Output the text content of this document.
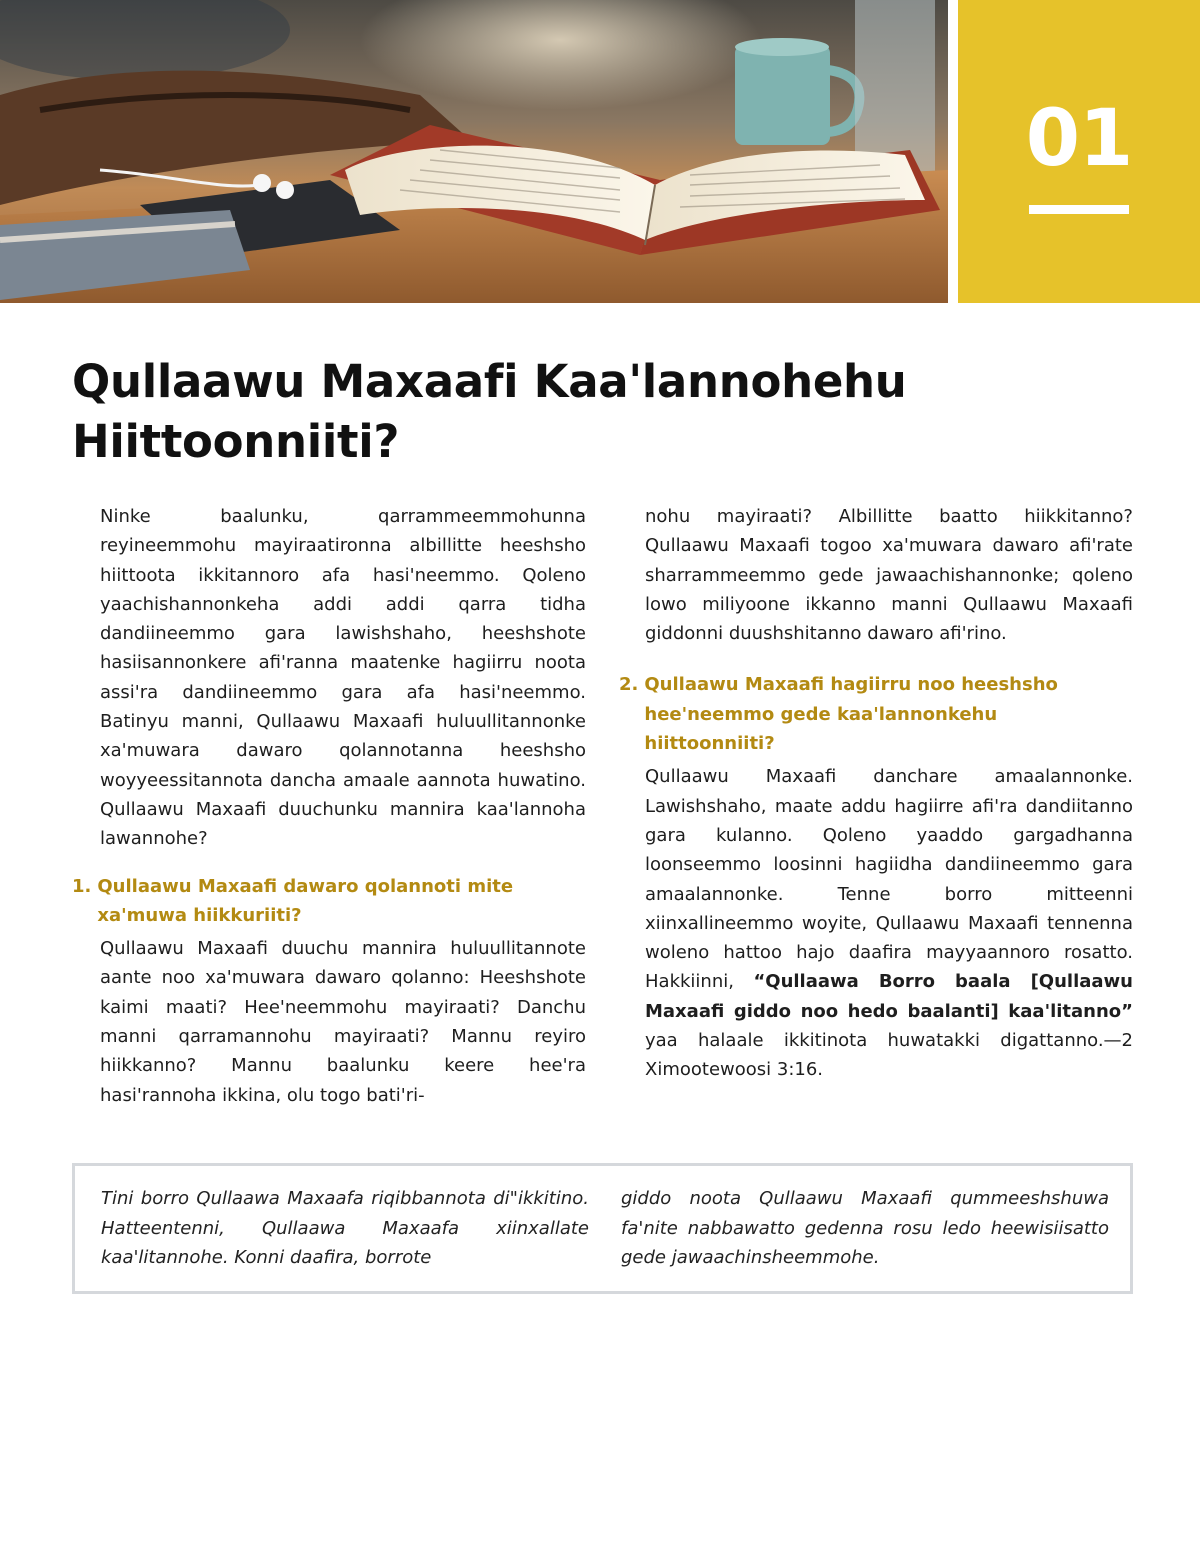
01
Qullaawu Maxaafi Kaa'lannohehu Hiittoonniiti?

Ninke baalunku, qarrammeemmohunna reyineemmohu mayiraatironna albillitte heeshsho hiittoota ikkitannoro afa hasi'neemmo. Qoleno yaachishannonkeha addi addi qarra tidha dandiineemmo gara lawishshaho, heeshshote hasiisannonkere afi'ranna maatenke hagiirru noota assi'ra dandiineemmo gara afa hasi'neemmo. Batinyu manni, Qullaawu Maxaafi huluullitannonke xa'muwara dawaro qolannotanna heeshsho woyyeessitannota dancha amaale aannota huwatino. Qullaawu Maxaafi duuchunku mannira kaa'lannoha lawannohe?

1. Qullaawu Maxaafi dawaro qolannoti mite xa'muwa hiikkuriiti?

Qullaawu Maxaafi duuchu mannira huluullitannote aante noo xa'muwara dawaro qolanno: Heeshshote kaimi maati? Hee'neemmohu mayiraati? Danchu manni qarramannohu mayiraati? Mannu reyiro hiikkanno? Mannu baalunku keere hee'ra hasi'rannoha ikkina, olu togo bati'ri-

nohu mayiraati? Albillitte baatto hiikkitanno? Qullaawu Maxaafi togoo xa'muwara dawaro afi'rate sharrammeemmo gede jawaachishannonke; qoleno lowo miliyoone ikkanno manni Qullaawu Maxaafi giddonni duushshitanno dawaro afi'rino.

2. Qullaawu Maxaafi hagiirru noo heeshsho hee'neemmo gede kaa'lannonkehu hiittoonniiti?

Qullaawu Maxaafi danchare amaalannonke. Lawishshaho, maate addu hagiirre afi'ra dandiitanno gara kulanno. Qoleno yaaddo gargadhanna loonseemmo loosinni hagiidha dandiineemmo gara amaalannonke. Tenne borro mitteenni xiinxallineemmo woyite, Qullaawu Maxaafi tennenna woleno hattoo hajo daafira mayyaannoro rosatto. Hakkiinni, “Qullaawa Borro baala [Qullaawu Maxaafi giddo noo hedo baalanti] kaa'litanno” yaa halaale ikkitinota huwatakki digattanno.—2 Ximootewoosi 3:16.

Tini borro Qullaawa Maxaafa riqibbannota di"ikkitino. Hatteentenni, Qullaawa Maxaafa xiinxallate kaa'litannohe. Konni daafira, borrote

giddo noota Qullaawu Maxaafi qummeeshshuwa fa'nite nabbawatto gedenna rosu ledo heewisiisatto gede jawaachinsheemmohe.
